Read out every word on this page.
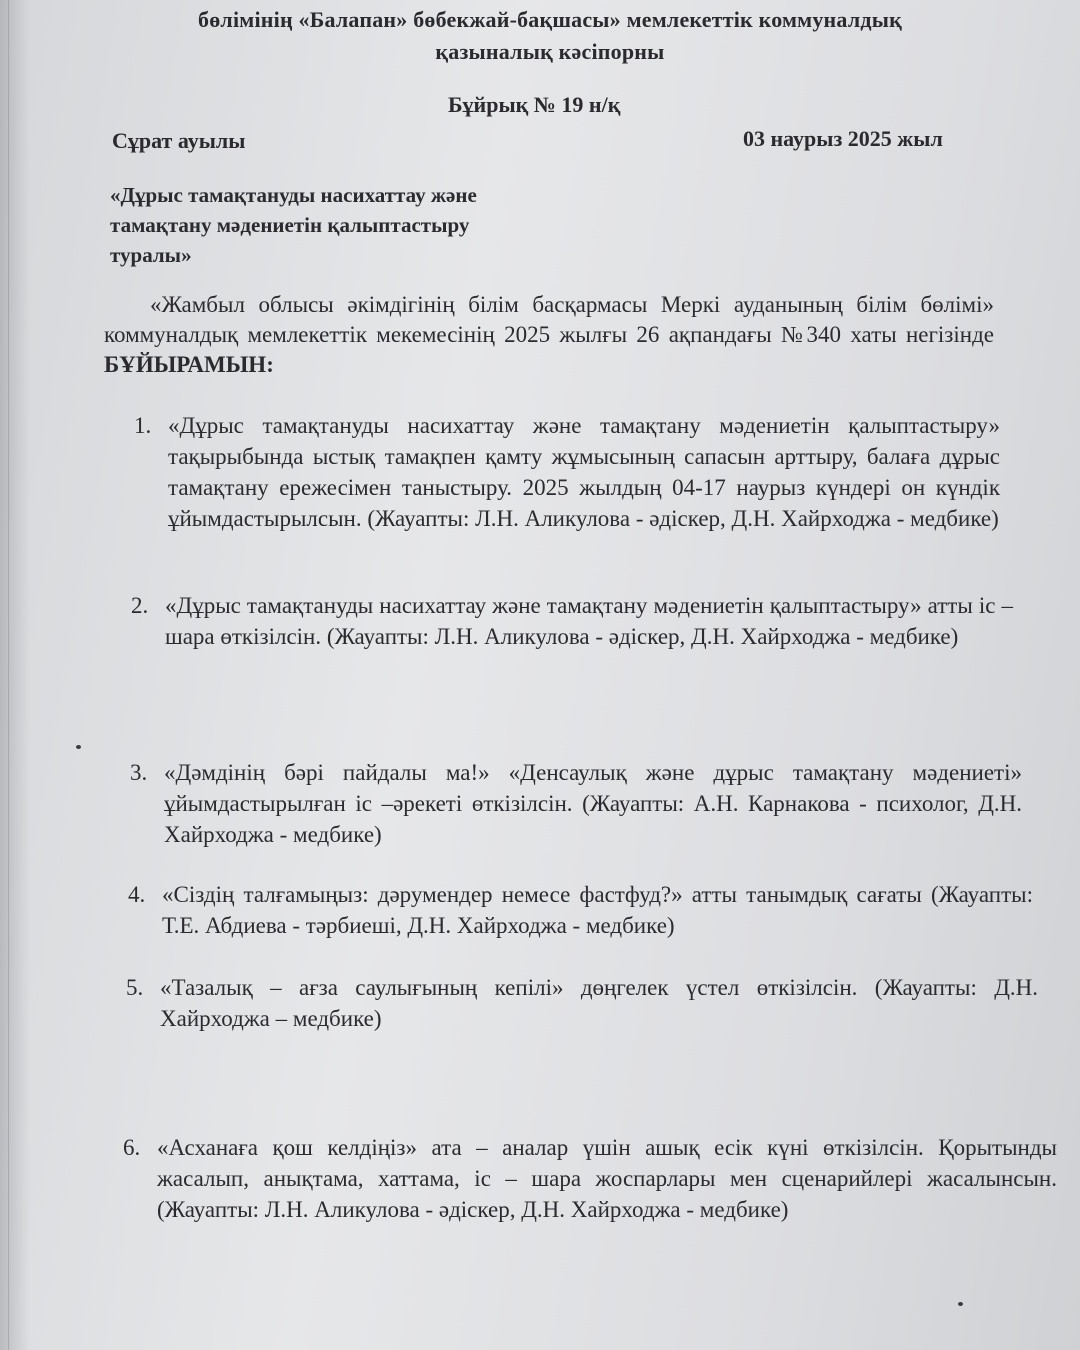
бөлімінің «Балапан» бөбекжай-бақшасы» мемлекеттік коммуналдық
қазыналық кәсіпорны
Бұйрық № 19 н/қ
Сұрат ауылы	03 наурыз 2025 жыл
«Дұрыс тамақтануды насихаттау және тамақтану мәдениетін қалыптастыру туралы»
«Жамбыл облысы әкімдігінің білім басқармасы Меркі ауданының білім бөлімі» коммуналдық мемлекеттік мекемесінің 2025 жылғы 26 ақпандағы №340 хаты негізінде БҰЙЫРАМЫН:
1. «Дұрыс тамақтануды насихаттау және тамақтану мәдениетін қалыптастыру» тақырыбында ыстық тамақпен қамту жұмысының сапасын арттыру, балаға дұрыс тамақтану ережесімен таныстыру. 2025 жылдың 04-17 наурыз күндері он күндік ұйымдастырылсын. (Жауапты: Л.Н. Аликулова - әдіскер, Д.Н. Хайрходжа - медбике)
2. «Дұрыс тамақтануды насихаттау және тамақтану мәдениетін қалыптастыру» атты іс – шара өткізілсін. (Жауапты: Л.Н. Аликулова - әдіскер, Д.Н. Хайрходжа - медбике)
3. «Дәмдінің бәрі пайдалы ма!» «Денсаулық және дұрыс тамақтану мәдениеті» ұйымдастырылған іс –әрекеті өткізілсін. (Жауапты: А.Н. Карнакова - психолог, Д.Н. Хайрходжа - медбике)
4. «Сіздің талғамыңыз: дәрумендер немесе фастфуд?» атты танымдық сағаты (Жауапты: Т.Е. Абдиева - тәрбиеші, Д.Н. Хайрходжа - медбике)
5. «Тазалық – ағза саулығының кепілі» дөңгелек үстел өткізілсін. (Жауапты: Д.Н. Хайрходжа – медбике)
6. «Асханаға қош келдіңіз» ата – аналар үшін ашық есік күні өткізілсін. Қорытынды жасалып, анықтама, хаттама, іс – шара жоспарлары мен сценарийлері жасалынсын. (Жауапты: Л.Н. Аликулова - әдіскер, Д.Н. Хайрходжа - медбике)
